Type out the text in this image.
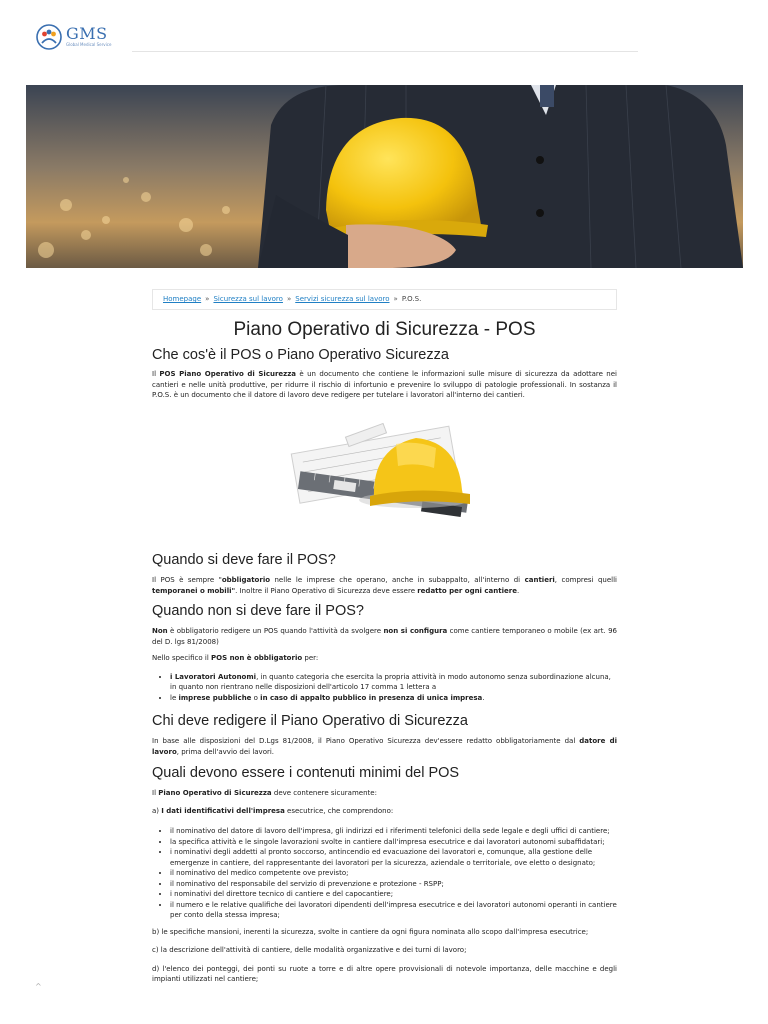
GMS
Global Medical Service
Homepage » Sicurezza sul lavoro » Servizi sicurezza sul lavoro » P.O.S.
Piano Operativo di Sicurezza - POS
Che cos'è il POS o Piano Operativo Sicurezza

Il POS Piano Operativo di Sicurezza è un documento che contiene le informazioni sulle misure di sicurezza da adottare nei cantieri e nelle unità produttive, per ridurre il rischio di infortunio e prevenire lo sviluppo di patologie professionali. In sostanza il P.O.S. è un documento che il datore di lavoro deve redigere per tutelare i lavoratori all'interno dei cantieri.

Quando si deve fare il POS?

Il POS è sempre "obbligatorio nelle le imprese che operano, anche in subappalto, all'interno di cantieri, compresi quelli temporanei o mobili". Inoltre il Piano Operativo di Sicurezza deve essere redatto per ogni cantiere.

Quando non si deve fare il POS?

Non è obbligatorio redigere un POS quando l'attività da svolgere non si configura come cantiere temporaneo o mobile (ex art. 96 del D. lgs 81/2008)

Nello specifico il POS non è obbligatorio per:

• i Lavoratori Autonomi, in quanto categoria che esercita la propria attività in modo autonomo senza subordinazione alcuna, in quanto non rientrano nelle disposizioni dell'articolo 17 comma 1 lettera a
• le imprese pubbliche o in caso di appalto pubblico in presenza di unica impresa.
Chi deve redigere il Piano Operativo di Sicurezza

In base alle disposizioni del D.Lgs 81/2008, il Piano Operativo Sicurezza dev'essere redatto obbligatoriamente dal datore di lavoro, prima dell'avvio dei lavori.

Quali devono essere i contenuti minimi del POS

Il Piano Operativo di Sicurezza deve contenere sicuramente:

a) I dati identificativi dell'impresa esecutrice, che comprendono:

• il nominativo del datore di lavoro dell'impresa, gli indirizzi ed i riferimenti telefonici della sede legale e degli uffici di cantiere;
• la specifica attività e le singole lavorazioni svolte in cantiere dall'impresa esecutrice e dai lavoratori autonomi subaffidatari;
• i nominativi degli addetti al pronto soccorso, antincendio ed evacuazione dei lavoratori e, comunque, alla gestione delle emergenze in cantiere, del rappresentante dei lavoratori per la sicurezza, aziendale o territoriale, ove eletto o designato;
• il nominativo del medico competente ove previsto;
• il nominativo del responsabile del servizio di prevenzione e protezione - RSPP;
• i nominativi del direttore tecnico di cantiere e del capocantiere;
• il numero e le relative qualifiche dei lavoratori dipendenti dell'impresa esecutrice e dei lavoratori autonomi operanti in cantiere per conto della stessa impresa;

b) le specifiche mansioni, inerenti la sicurezza, svolte in cantiere da ogni figura nominata allo scopo dall'impresa esecutrice;

c) la descrizione dell'attività di cantiere, delle modalità organizzative e dei turni di lavoro;

d) l'elenco dei ponteggi, dei ponti su ruote a torre e di altre opere provvisionali di notevole importanza, delle macchine e degli impianti utilizzati nel cantiere;

^
